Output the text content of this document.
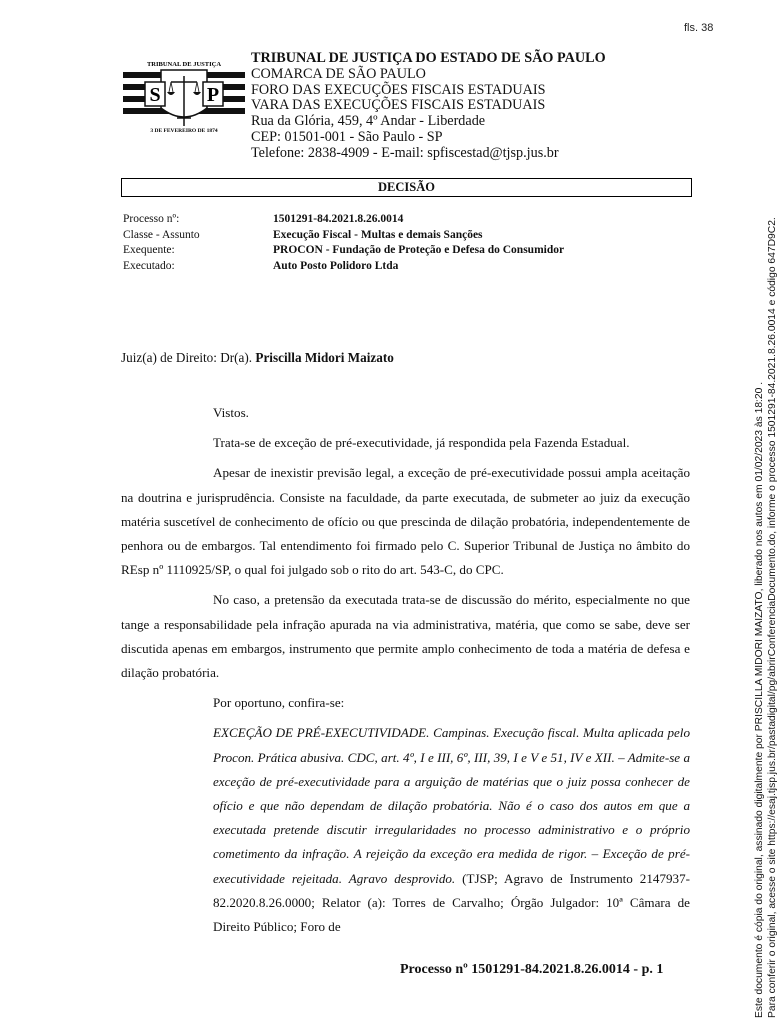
fls. 38
TRIBUNAL DE JUSTIÇA
S P
3 DE FEVEREIRO DE 1874
TRIBUNAL DE JUSTIÇA DO ESTADO DE SÃO PAULO
COMARCA DE SÃO PAULO
FORO DAS EXECUÇÕES FISCAIS ESTADUAIS
VARA DAS EXECUÇÕES FISCAIS ESTADUAIS
Rua da Glória, 459, 4º Andar - Liberdade
CEP: 01501-001 - São Paulo - SP
Telefone: 2838-4909 - E-mail: spfiscestad@tjsp.jus.br
DECISÃO
Processo nº:	1501291-84.2021.8.26.0014
Classe - Assunto	Execução Fiscal - Multas e demais Sanções
Exequente:	PROCON - Fundação de Proteção e Defesa do Consumidor
Executado:	Auto Posto Polidoro Ltda
Juiz(a) de Direito: Dr(a). Priscilla Midori Maizato

Vistos.

Trata-se de exceção de pré-executividade, já respondida pela Fazenda Estadual.

Apesar de inexistir previsão legal, a exceção de pré-executividade possui ampla aceitação na doutrina e jurisprudência. Consiste na faculdade, da parte executada, de submeter ao juiz da execução matéria suscetível de conhecimento de ofício ou que prescinda de dilação probatória, independentemente de penhora ou de embargos. Tal entendimento foi firmado pelo C. Superior Tribunal de Justiça no âmbito do REsp nº 1110925/SP, o qual foi julgado sob o rito do art. 543-C, do CPC.

No caso, a pretensão da executada trata-se de discussão do mérito, especialmente no que tange a responsabilidade pela infração apurada na via administrativa, matéria, que como se sabe, deve ser discutida apenas em embargos, instrumento que permite amplo conhecimento de toda a matéria de defesa e dilação probatória.

Por oportuno, confira-se:

EXCEÇÃO DE PRÉ-EXECUTIVIDADE. Campinas. Execução fiscal. Multa aplicada pelo Procon. Prática abusiva. CDC, art. 4º, I e III, 6º, III, 39, I e V e 51, IV e XII. – Admite-se a exceção de pré-executividade para a arguição de matérias que o juiz possa conhecer de ofício e que não dependam de dilação probatória. Não é o caso dos autos em que a executada pretende discutir irregularidades no processo administrativo e o próprio cometimento da infração. A rejeição da exceção era medida de rigor. – Exceção de pré-executividade rejeitada. Agravo desprovido. (TJSP; Agravo de Instrumento 2147937-82.2020.8.26.0000; Relator (a): Torres de Carvalho; Órgão Julgador: 10ª Câmara de Direito Público; Foro de

Processo nº 1501291-84.2021.8.26.0014 - p. 1	Este documento é cópia do original, assinado digitalmente por PRISCILLA MIDORI MAIZATO, liberado nos autos em 01/02/2023 às 18:20 . Para conferir o original, acesse o site https://esaj.tjsp.jus.br/pastadigital/pg/abrirConferenciaDocumento.do, informe o processo 1501291-84.2021.8.26.0014 e código 647D9C2.
